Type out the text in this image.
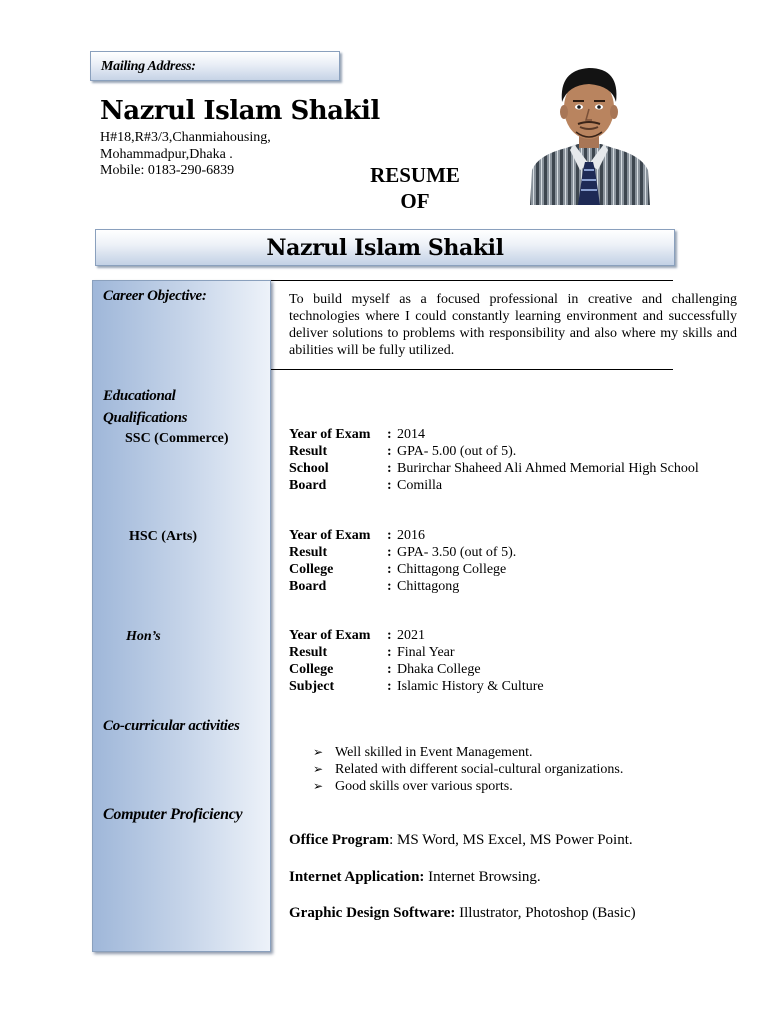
Mailing Address:
Nazrul Islam Shakil
H#18,R#3/3,Chanmiahousing,
Mohammadpur,Dhaka .
Mobile: 0183-290-6839	RESUME
OF
Nazrul Islam Shakil
Career Objective:
Educational
Qualifications
SSC (Commerce)
HSC (Arts)
Hon’s
Co-curricular activities
Computer Proficiency
To build myself as a focused professional in creative and challenging technologies where I could constantly learning environment and successfully deliver solutions to problems with responsibility and also where my skills and abilities will be fully utilized.
Year of Exam	: 2014
Result	: GPA- 5.00 (out of 5).
School	: Burirchar Shaheed Ali Ahmed Memorial High School
Board	: Comilla
Year of Exam	: 2016
Result	: GPA- 3.50 (out of 5).
College	: Chittagong College
Board	: Chittagong
Year of Exam	: 2021
Result	: Final Year
College	: Dhaka College
Subject	: Islamic History & Culture
➢ Well skilled in Event Management.
➢ Related with different social-cultural organizations.
➢ Good skills over various sports.
Office Program: MS Word, MS Excel, MS Power Point.
Internet Application: Internet Browsing.
Graphic Design Software: Illustrator, Photoshop (Basic)
